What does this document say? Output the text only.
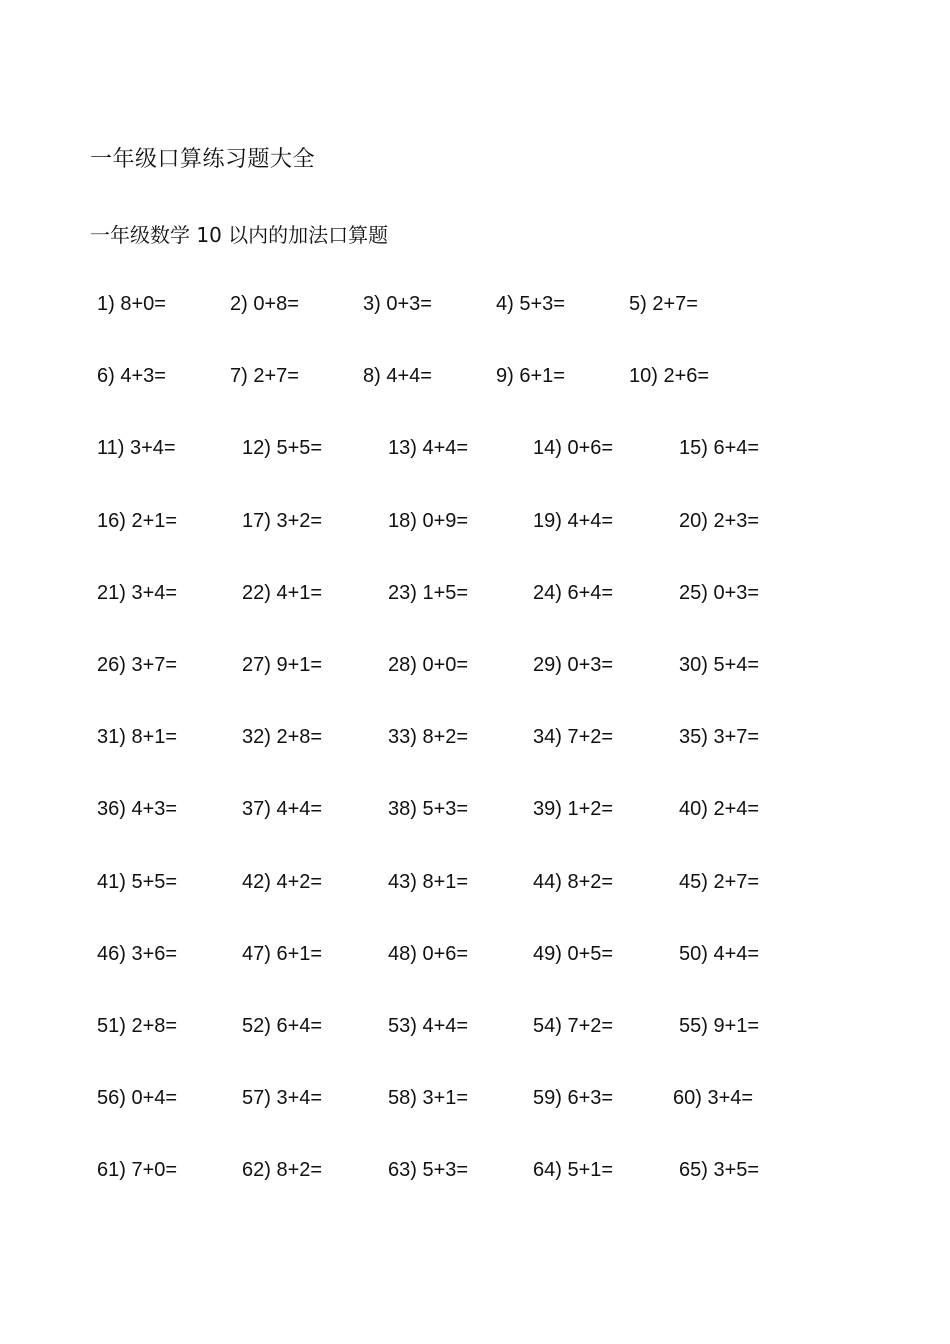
一年级口算练习题大全
一年级数学 10 以内的加法口算题
1) 8+0=	2) 0+8=	3) 0+3=	4) 5+3=	5) 2+7=
6) 4+3=	7) 2+7=	8) 4+4=	9) 6+1=	10) 2+6=
11) 3+4=	12) 5+5=	13) 4+4=	14) 0+6=	15) 6+4=
16) 2+1=	17) 3+2=	18) 0+9=	19) 4+4=	20) 2+3=
21) 3+4=	22) 4+1=	23) 1+5=	24) 6+4=	25) 0+3=
26) 3+7=	27) 9+1=	28) 0+0=	29) 0+3=	30) 5+4=
31) 8+1=	32) 2+8=	33) 8+2=	34) 7+2=	35) 3+7=
36) 4+3=	37) 4+4=	38) 5+3=	39) 1+2=	40) 2+4=
41) 5+5=	42) 4+2=	43) 8+1=	44) 8+2=	45) 2+7=
46) 3+6=	47) 6+1=	48) 0+6=	49) 0+5=	50) 4+4=
51) 2+8=	52) 6+4=	53) 4+4=	54) 7+2=	55) 9+1=
56) 0+4=	57) 3+4=	58) 3+1=	59) 6+3=	60) 3+4=
61) 7+0=	62) 8+2=	63) 5+3=	64) 5+1=	65) 3+5=
